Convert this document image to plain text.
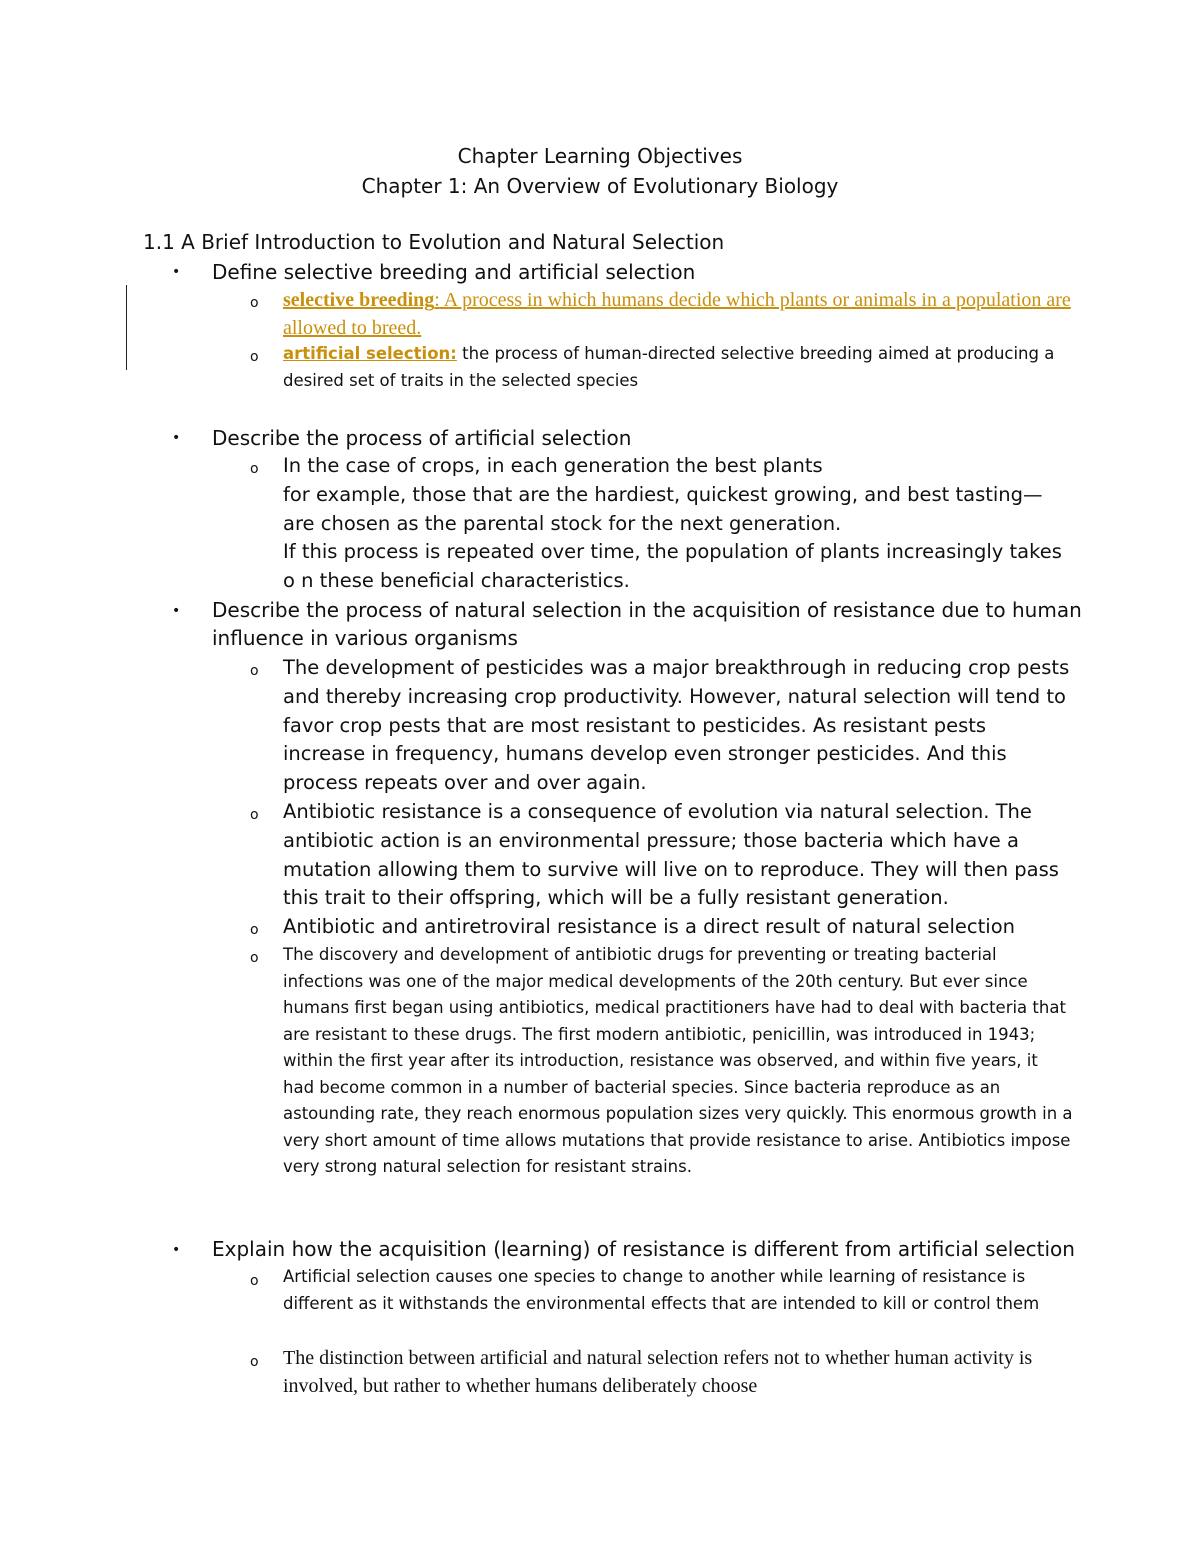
Chapter Learning Objectives
Chapter 1: An Overview of Evolutionary Biology
1.1 A Brief Introduction to Evolution and Natural Selection
• Define selective breeding and artificial selection
o selective breeding: A process in which humans decide which plants or animals in a population are allowed to breed.
o artificial selection: the process of human-directed selective breeding aimed at producing a desired set of traits in the selected species
• Describe the process of artificial selection
o In the case of crops, in each generation the best plants
for example, those that are the hardiest, quickest growing, and best tasting—are chosen as the parental stock for the next generation.
If this process is repeated over time, the population of plants increasingly takes o n these beneficial characteristics.
• Describe the process of natural selection in the acquisition of resistance due to human influence in various organisms
o The development of pesticides was a major breakthrough in reducing crop pests and thereby increasing crop productivity. However, natural selection will tend to favor crop pests that are most resistant to pesticides. As resistant pests increase in frequency, humans develop even stronger pesticides. And this process repeats over and over again.
o Antibiotic resistance is a consequence of evolution via natural selection. The antibiotic action is an environmental pressure; those bacteria which have a mutation allowing them to survive will live on to reproduce. They will then pass this trait to their offspring, which will be a fully resistant generation.
o Antibiotic and antiretroviral resistance is a direct result of natural selection
o The discovery and development of antibiotic drugs for preventing or treating bacterial infections was one of the major medical developments of the 20th century. But ever since humans first began using antibiotics, medical practitioners have had to deal with bacteria that are resistant to these drugs. The first modern antibiotic, penicillin, was introduced in 1943; within the first year after its introduction, resistance was observed, and within five years, it had become common in a number of bacterial species. Since bacteria reproduce as an astounding rate, they reach enormous population sizes very quickly. This enormous growth in a very short amount of time allows mutations that provide resistance to arise. Antibiotics impose very strong natural selection for resistant strains.
• Explain how the acquisition (learning) of resistance is different from artificial selection
o Artificial selection causes one species to change to another while learning of resistance is different as it withstands the environmental effects that are intended to kill or control them
o The distinction between artificial and natural selection refers not to whether human activity is involved, but rather to whether humans deliberately choose
